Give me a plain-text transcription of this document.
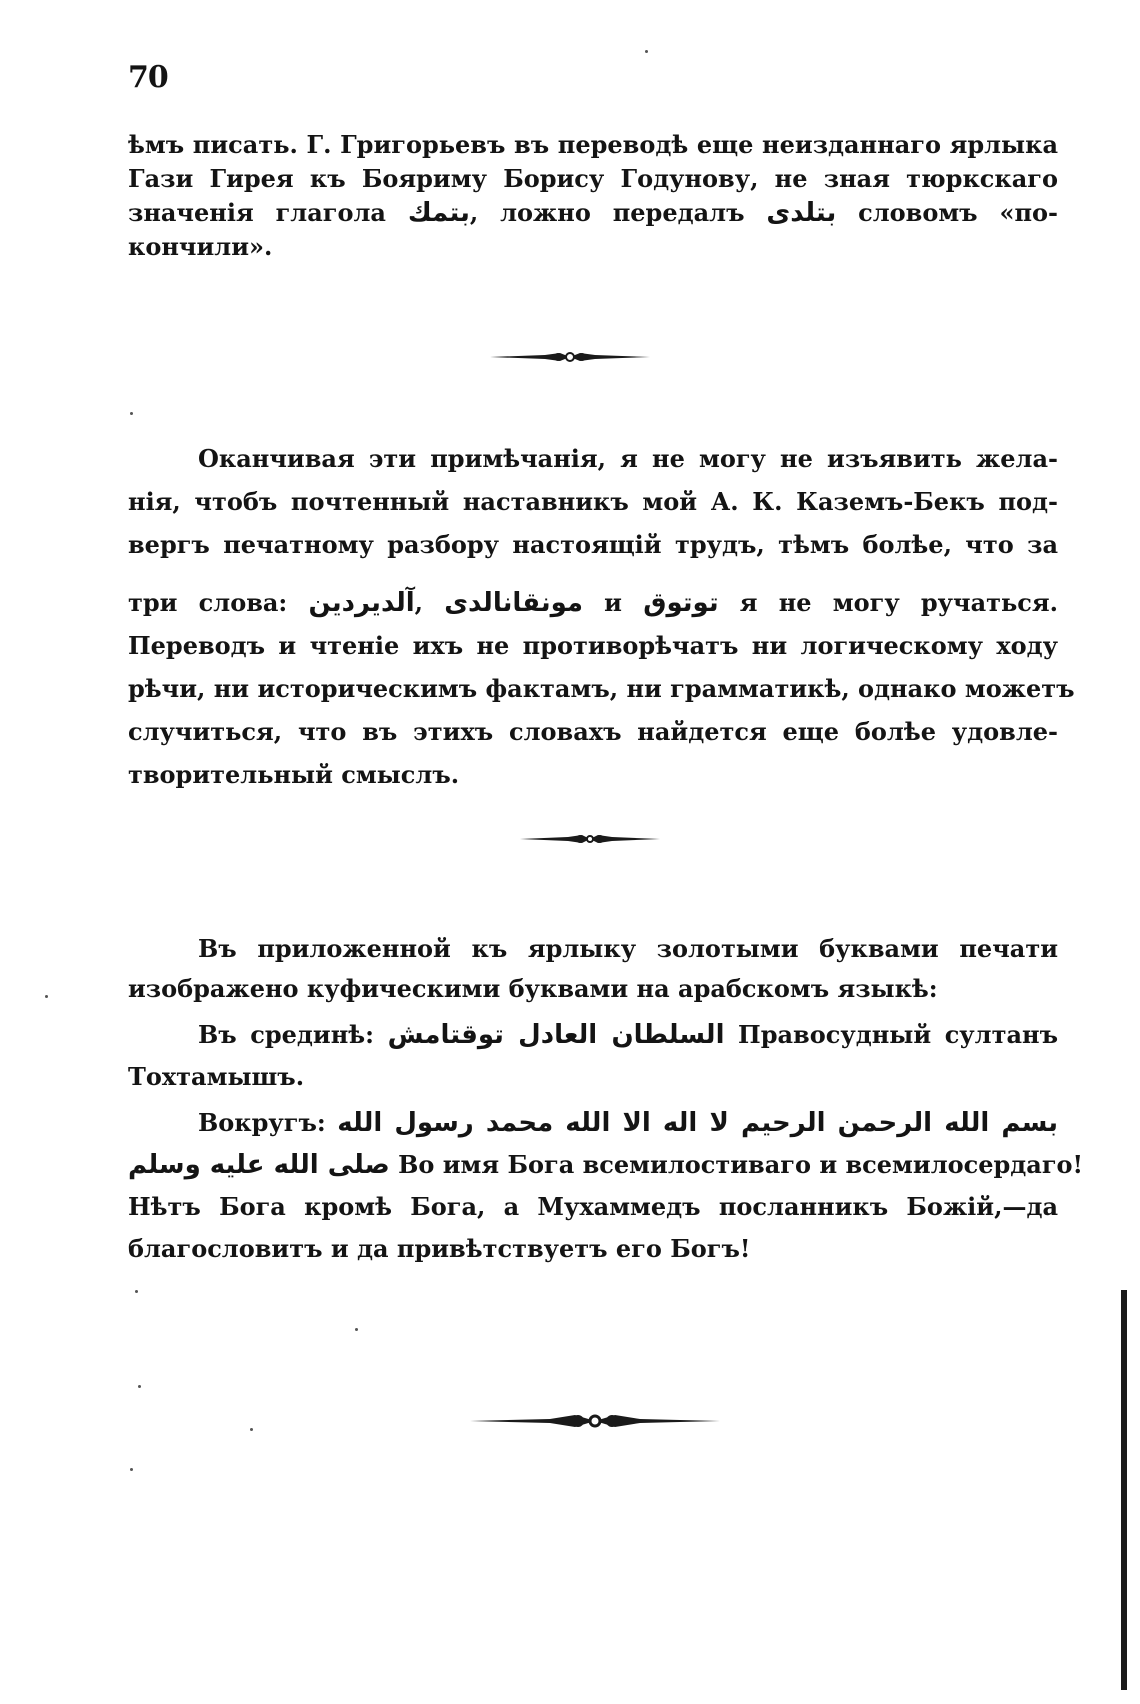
70
ѣмъ писать. Г. Григорьевъ въ переводѣ еще неизданнаго ярлыка
Гази Гирея къ Бояриму Борису Годунову, не зная тюркскаго
значенія глагола بتمك, ложно передалъ بتلدى словомъ «по-
кончили».
Оканчивая эти примѣчанія, я не могу не изъявить жела-
нія, чтобъ почтенный наставникъ мой А. К. Каземъ-Бекъ под-
вергъ печатному разбору настоящій трудъ, тѣмъ болѣе, что за
три слова: آلديردين, مونقانالدى и توتوق я не могу ручаться.
Переводъ и чтеніе ихъ не противорѣчатъ ни логическому ходу
рѣчи, ни историческимъ фактамъ, ни грамматикѣ, однако можетъ
случиться, что въ этихъ словахъ найдется еще болѣе удовле-
творительный смыслъ.
Въ приложенной къ ярлыку золотыми буквами печати
изображено куфическими буквами на арабскомъ языкѣ:
Въ срединѣ: السلطان العادل توقتامش Правосудный султанъ
Тохтамышъ.
Вокругъ: بسم الله الرحمن الرحيم لا اله الا الله محمد رسول الله
صلى الله عليه وسلم Во имя Бога всемилостиваго и всемилосердаго!
Нѣтъ Бога кромѣ Бога, а Мухаммедъ посланникъ Божій,—да
благословитъ и да привѣтствуетъ его Богъ!
